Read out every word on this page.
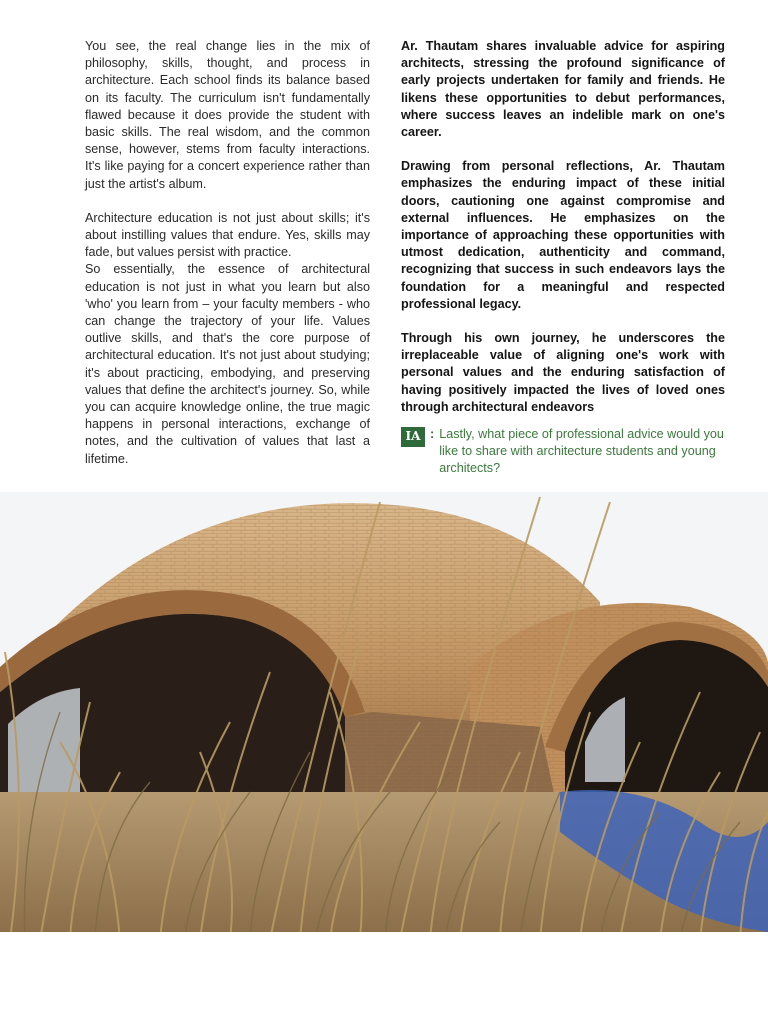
You see, the real change lies in the mix of philosophy, skills, thought, and process in architecture. Each school finds its balance based on its faculty. The curriculum isn't fundamentally flawed because it does provide the student with basic skills. The real wisdom, and the common sense, however, stems from faculty interactions. It's like paying for a concert experience rather than just the artist's album.

Architecture education is not just about skills; it's about instilling values that endure. Yes, skills may fade, but values persist with practice.

So essentially, the essence of architectural education is not just in what you learn but also 'who' you learn from – your faculty members - who can change the trajectory of your life. Values outlive skills, and that's the core purpose of architectural education. It's not just about studying; it's about practicing, embodying, and preserving values that define the architect's journey. So, while you can acquire knowledge online, the true magic happens in personal interactions, exchange of notes, and the cultivation of values that last a lifetime.

Ar. Thautam shares invaluable advice for aspiring architects, stressing the profound significance of early projects undertaken for family and friends. He likens these opportunities to debut performances, where success leaves an indelible mark on one's career.

Drawing from personal reflections, Ar. Thautam emphasizes the enduring impact of these initial doors, cautioning one against compromise and external influences. He emphasizes on the importance of approaching these opportunities with utmost dedication, authenticity and command, recognizing that success in such endeavors lays the foundation for a meaningful and respected professional legacy.

Through his own journey, he underscores the irreplaceable value of aligning one's work with personal values and the enduring satisfaction of having positively impacted the lives of loved ones through architectural endeavors

IA : Lastly, what piece of professional advice would you like to share with architecture students and young architects?
